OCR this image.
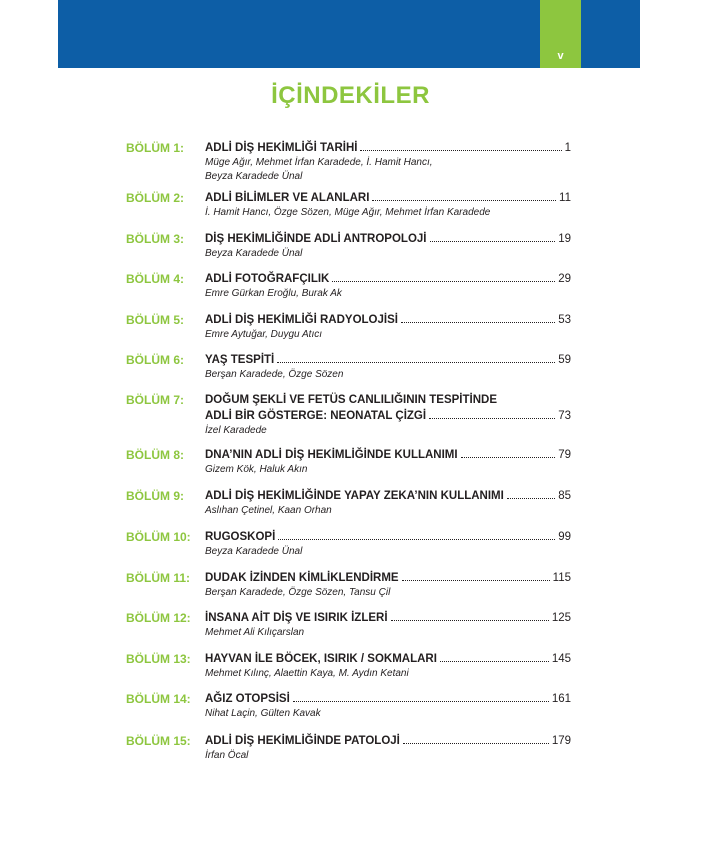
v
İÇİNDEKİLER
BÖLÜM 1: ADLİ DİŞ HEKİMLİĞİ TARİHİ	1
Müge Ağır, Mehmet İrfan Karadede, İ. Hamit Hancı,
Beyza Karadede Ünal
BÖLÜM 2: ADLİ BİLİMLER VE ALANLARI	11
İ. Hamit Hancı, Özge Sözen, Müge Ağır, Mehmet İrfan Karadede
BÖLÜM 3: DİŞ HEKİMLİĞİNDE ADLİ ANTROPOLOJİ	19
Beyza Karadede Ünal
BÖLÜM 4: ADLİ FOTOĞRAFÇILIK	29
Emre Gürkan Eroğlu, Burak Ak
BÖLÜM 5: ADLİ DİŞ HEKİMLİĞİ RADYOLOJİSİ	53
Emre Aytuğar, Duygu Atıcı
BÖLÜM 6: YAŞ TESPİTİ	59
Berşan Karadede, Özge Sözen
BÖLÜM 7: DOĞUM ŞEKLİ VE FETÜS CANLILIĞININ TESPİTİNDE
ADLİ BİR GÖSTERGE: NEONATAL ÇİZGİ	73
İzel Karadede
BÖLÜM 8: DNA’NIN ADLİ DİŞ HEKİMLİĞİNDE KULLANIMI	79
Gizem Kök, Haluk Akın
BÖLÜM 9: ADLİ DİŞ HEKİMLİĞİNDE YAPAY ZEKA’NIN KULLANIMI	85
Aslıhan Çetinel, Kaan Orhan
BÖLÜM 10: RUGOSKOPİ	99
Beyza Karadede Ünal
BÖLÜM 11: DUDAK İZİNDEN KİMLİKLENDİRME	115
Berşan Karadede, Özge Sözen, Tansu Çil
BÖLÜM 12: İNSANA AİT DİŞ VE ISIRIK İZLERİ	125
Mehmet Ali Kılıçarslan
BÖLÜM 13: HAYVAN İLE BÖCEK, ISIRIK / SOKMALARI	145
Mehmet Kılınç, Alaettin Kaya, M. Aydın Ketani
BÖLÜM 14: AĞIZ OTOPSİSİ	161
Nihat Laçin, Gülten Kavak
BÖLÜM 15: ADLİ DİŞ HEKİMLİĞİNDE PATOLOJİ	179
İrfan Öcal
